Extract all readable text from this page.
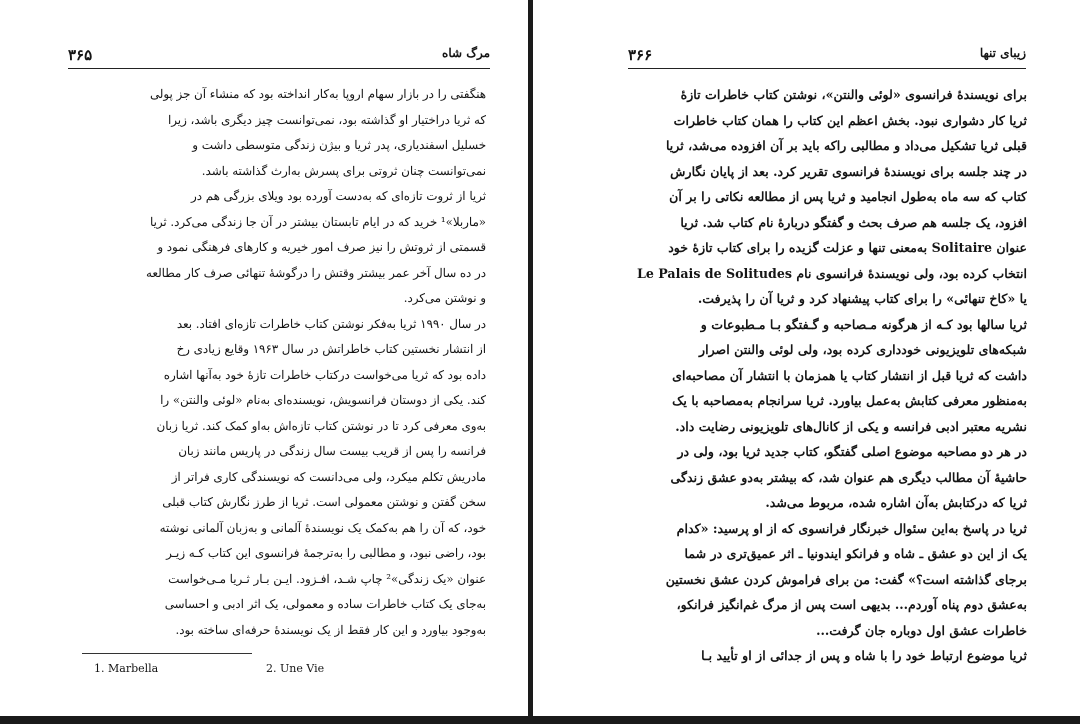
۳۶۵	مرگ شاه
هنگفتی را در بازار سهام اروپا به‌کار انداخته بود که منشاء آن جز پولی
که ثریا دراختیار او گذاشته بود، نمی‌توانست چیز دیگری باشد، زیرا
خسلیل اسفندیاری، پدر ثریا و بیژن زندگی متوسطی داشت و
نمی‌توانست چنان ثروتی برای پسرش به‌ارث گذاشته باشد.
ثریا از ثروت تازه‌ای که به‌دست آورده بود ویلای بزرگی هم در
«ماربلا»¹ خرید که در ایام تابستان بیشتر در آن جا زندگی می‌کرد. ثریا
قسمتی از ثروتش را نیز صرف امور خیریه و کارهای فرهنگی نمود و
در ده سال آخر عمر بیشتر وقتش را درگوشهٔ تنهائی صرف کار مطالعه
و نوشتن می‌کرد.
در سال ۱۹۹۰ ثریا به‌فکر نوشتن کتاب خاطرات تازه‌ای افتاد. بعد
از انتشار نخستین کتاب خاطراتش در سال ۱۹۶۳ وقایع زیادی رخ
داده بود که ثریا می‌خواست درکتاب خاطرات تازهٔ خود به‌آنها اشاره
کند. یکی از دوستان فرانسویش، نویسنده‌ای به‌نام «لوئی والنتن» را
به‌وی معرفی کرد تا در نوشتن کتاب تازه‌اش به‌او کمک کند. ثریا زبان
فرانسه را پس از قریب بیست سال زندگی در پاریس مانند زبان
مادریش تکلم میکرد، ولی می‌دانست که نویسندگی کاری فراتر از
سخن گفتن و نوشتن معمولی است. ثریا از طرز نگارش کتاب قبلی
خود، که آن را هم به‌کمک یک نویسندهٔ آلمانی و به‌زبان آلمانی نوشته
بود، راضی نبود، و مطالبی را به‌ترجمهٔ فرانسوی این کتاب کـه زیـر
عنوان «یک زندگی»² چاپ شـد، افـزود. ایـن بـار ثـریا مـی‌خواست
به‌جای یک کتاب خاطرات ساده و معمولی، یک اثر ادبی و احساسی
به‌وجود بیاورد و این کار فقط از یک نویسندهٔ حرفه‌ای ساخته بود.
1. Marbella	2. Une Vie
۳۶۶	زیبای تنها
برای نویسندهٔ فرانسوی «لوئی والنتن»، نوشتن کتاب خاطرات تازهٔ
ثریا کار دشواری نبود. بخش اعظم این کتاب را همان کتاب خاطرات
قبلی ثریا تشکیل می‌داد و مطالبی راکه باید بر آن افزوده می‌شد، ثریا
در چند جلسه برای نویسندهٔ فرانسوی تقریر کرد. بعد از پایان نگارش
کتاب که سه ماه به‌طول انجامید و ثریا پس از مطالعه نکاتی را بر آن
افزود، یک جلسه هم صرف بحث و گفتگو دربارهٔ نام کتاب شد. ثریا
عنوان Solitaire به‌معنی تنها و عزلت گزیده را برای کتاب تازهٔ خود
انتخاب کرده بود، ولی نویسندهٔ فرانسوی نام Le Palais de Solitudes
یا «کاخ تنهائی» را برای کتاب پیشنهاد کرد و ثریا آن را پذیرفت.
ثریا سالها بود کـه از هرگونه مـصاحبه و گـفتگو بـا مـطبوعات و
شبکه‌های تلویزیونی خودداری کرده بود، ولی لوئی والنتن اصرار
داشت که ثریا قبل از انتشار کتاب یا همزمان با انتشار آن مصاحبه‌ای
به‌منظور معرفی کتابش به‌عمل بیاورد. ثریا سرانجام به‌مصاحبه با یک
نشریه معتبر ادبی فرانسه و یکی از کانال‌های تلویزیونی رضایت داد.
در هر دو مصاحبه موضوع اصلی گفتگو، کتاب جدید ثریا بود، ولی در
حاشیهٔ آن مطالب دیگری هم عنوان شد، که بیشتر به‌دو عشق زندگی
ثریا که درکتابش به‌آن اشاره شده، مربوط می‌شد.
ثریا در پاسخ به‌این سئوال خبرنگار فرانسوی که از او پرسید: «کدام
یک از این دو عشق ـ شاه و فرانکو ایندونیا ـ اثر عمیق‌تری در شما
برجای گذاشته است؟» گفت: من برای فراموش کردن عشق نخستین
به‌عشق دوم پناه آوردم... بدیهی است پس از مرگ غم‌انگیز فرانکو،
خاطرات عشق اول دوباره جان گرفت...
ثریا موضوع ارتباط خود را با شاه و پس از جدائی از او تأیید بـا
